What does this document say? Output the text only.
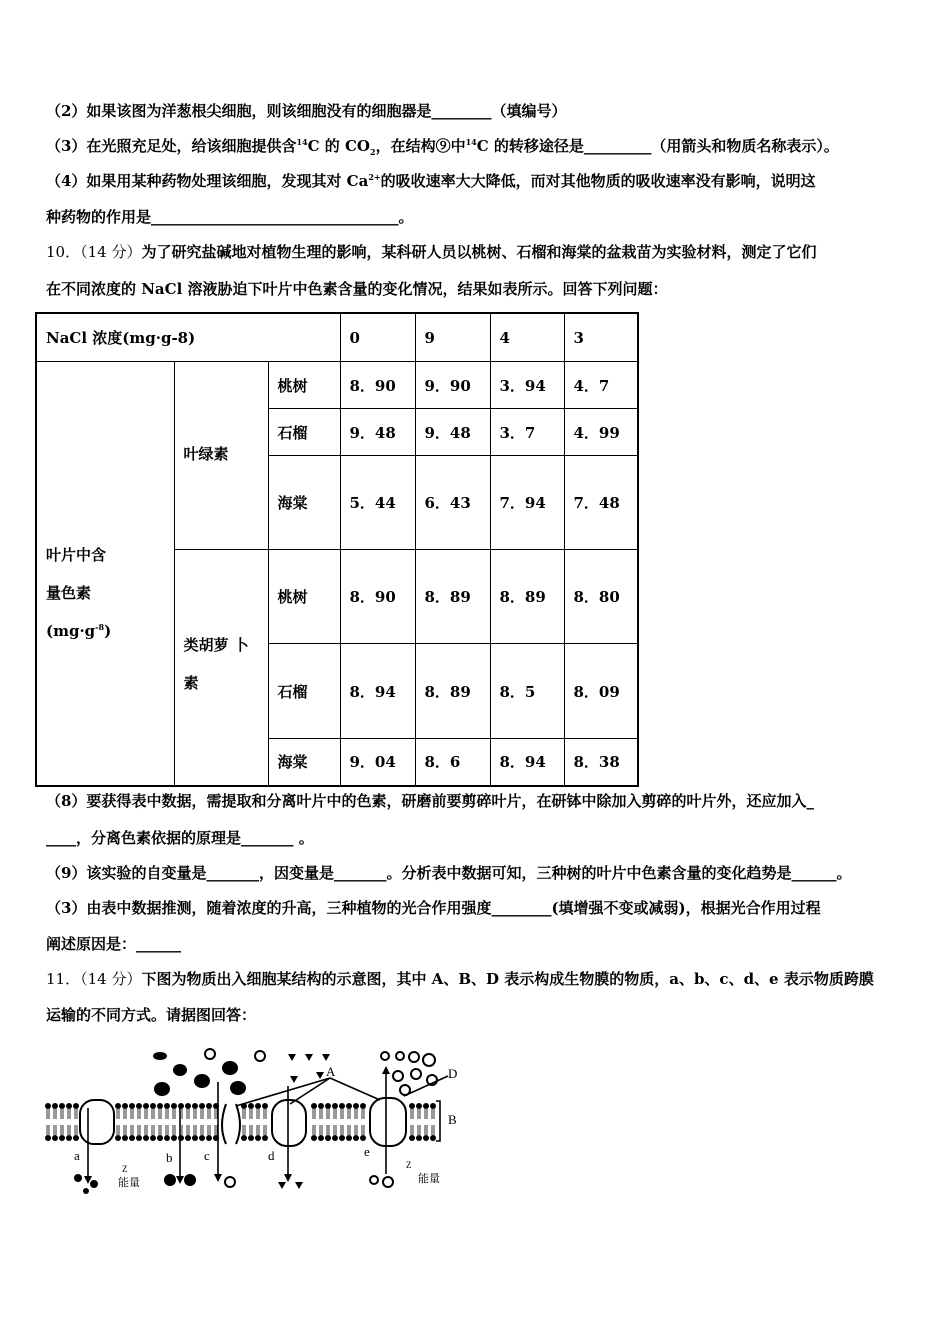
（2）如果该图为洋葱根尖细胞，则该细胞没有的细胞器是________（填编号）
（3）在光照充足处，给该细胞提供含$^{14}$C 的 $CO_2$，在结构⑨中$^{14}$C 的转移途径是_________（用箭头和物质名称表示）。
（4）如果用某种药物处理该细胞，发现其对 $Ca^{2+}$的吸收速率大大降低，而对其他物质的吸收速率没有影响，说明这
种药物的作用是_________________________________。
10．（14 分）为了研究盐碱地对植物生理的影响，某科研人员以桃树、石榴和海棠的盆栽苗为实验材料，测定了它们
在不同浓度的 NaCl 溶液胁迫下叶片中色素含量的变化情况，结果如表所示。回答下列问题：
NaCl 浓度(mg·g-8)			0	9	4	3

叶片中含
量色素
$(mg\cdot g^{-8})$	叶绿素	桃树	8．90	9．90	3．94	4．7
		石榴	9．48	9．48	3．7	4．99
		海棠	5．44	6．43	7．94	7．48

	类胡萝 卜
素	桃树	8．90	8．89	8．89	8．80
		石榴	8．94	8．89	8．5	8．09
		海棠	9．04	8．6	8．94	8．38
（8）要获得表中数据，需提取和分离叶片中的色素，研磨前要剪碎叶片，在研钵中除加入剪碎的叶片外，还应加入_
____，分离色素依据的原理是_______ 。
（9）该实验的自变量是_______，因变量是_______。分析表中数据可知，三种树的叶片中色素含量的变化趋势是______。
（3）由表中数据推测，随着浓度的升高，三种植物的光合作用强度________(填增强不变或减弱)，根据光合作用过程
阐述原因是：______
11．（14 分）下图为物质出入细胞某结构的示意图，其中 A、B、D 表示构成生物膜的物质，a、b、c、d、e 表示物质跨膜
运输的不同方式。请据图回答：
A
B
D
a	b c	d	e
Z	Z
能量	能量
